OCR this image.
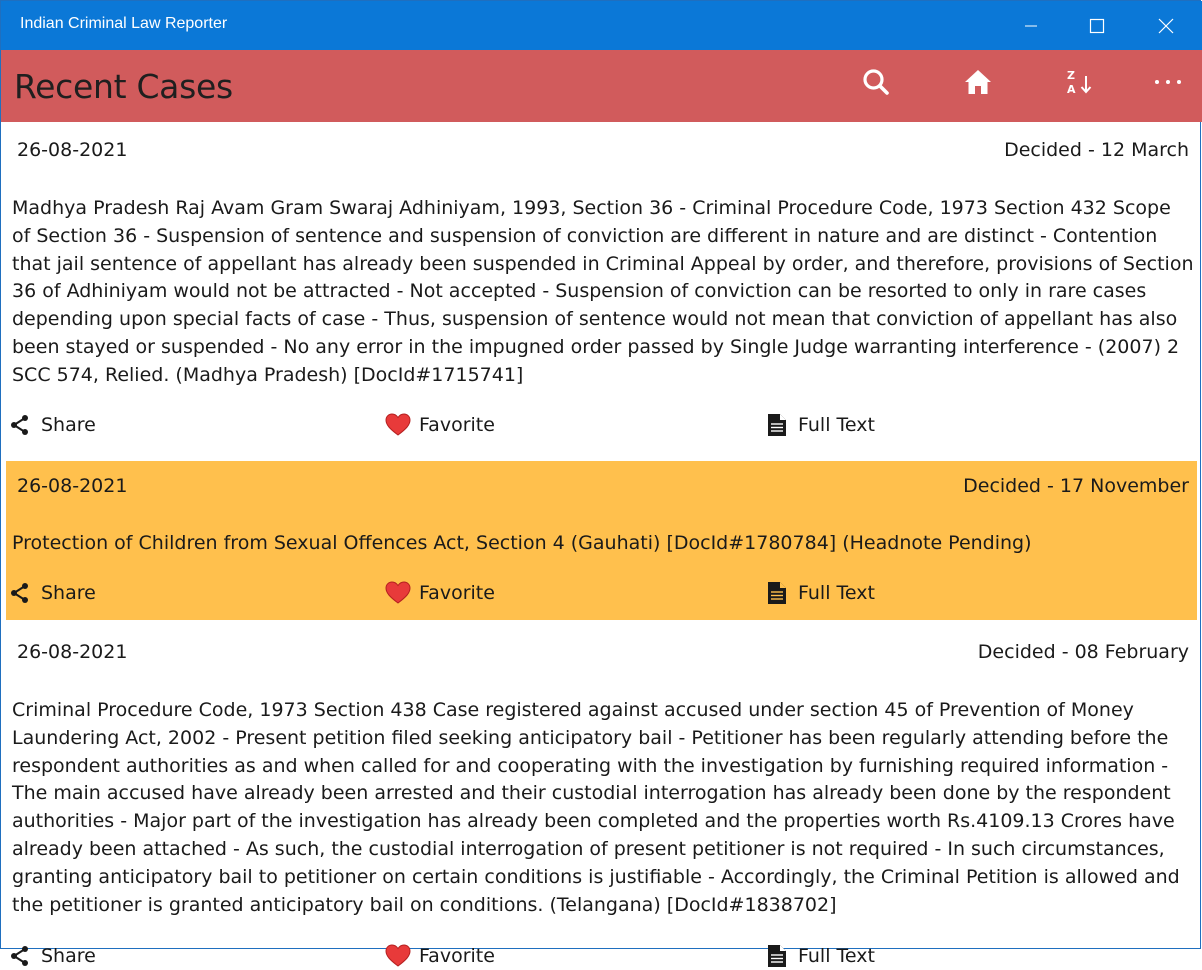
Indian Criminal Law Reporter
Recent Cases	Z
A
26-08-2021	Decided - 12 March
Madhya Pradesh Raj Avam Gram Swaraj Adhiniyam, 1993, Section 36 - Criminal Procedure Code, 1973 Section 432 Scope of Section 36 - Suspension of sentence and suspension of conviction are different in nature and are distinct - Contention that jail sentence of appellant has already been suspended in Criminal Appeal by order, and therefore, provisions of Section 36 of Adhiniyam would not be attracted - Not accepted - Suspension of conviction can be resorted to only in rare cases depending upon special facts of case - Thus, suspension of sentence would not mean that conviction of appellant has also been stayed or suspended - No any error in the impugned order passed by Single Judge warranting interference - (2007) 2 SCC 574, Relied. (Madhya Pradesh) [DocId#1715741]
Share	Favorite	Full Text
26-08-2021	Decided - 17 November
Protection of Children from Sexual Offences Act, Section 4 (Gauhati) [DocId#1780784] (Headnote Pending)
Share	Favorite	Full Text
26-08-2021	Decided - 08 February
Criminal Procedure Code, 1973 Section 438 Case registered against accused under section 45 of Prevention of Money Laundering Act, 2002 - Present petition filed seeking anticipatory bail - Petitioner has been regularly attending before the respondent authorities as and when called for and cooperating with the investigation by furnishing required information - The main accused have already been arrested and their custodial interrogation has already been done by the respondent authorities - Major part of the investigation has already been completed and the properties worth Rs.4109.13 Crores have already been attached - As such, the custodial interrogation of present petitioner is not required - In such circumstances, granting anticipatory bail to petitioner on certain conditions is justifiable - Accordingly, the Criminal Petition is allowed and the petitioner is granted anticipatory bail on conditions. (Telangana) [DocId#1838702]
Share	Favorite	Full Text
